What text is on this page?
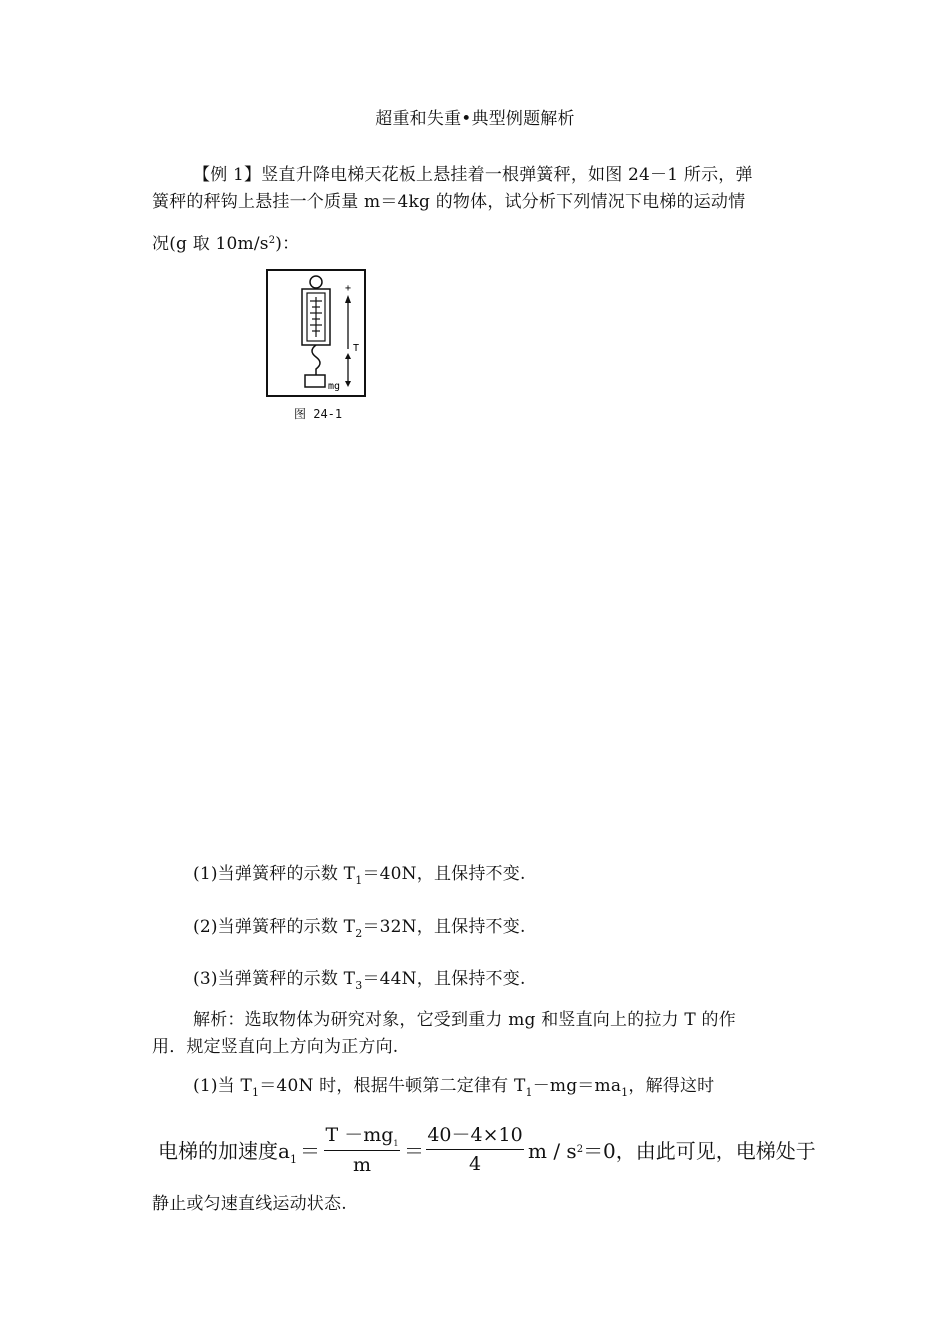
超重和失重•典型例题解析
【例 1】竖直升降电梯天花板上悬挂着一根弹簧秤，如图 24－1 所示，弹
簧秤的秤钩上悬挂一个质量 m＝4kg 的物体，试分析下列情况下电梯的运动情
况(g 取 $10m/s^2$)：
+
T
mg
图 24-1
(1)当弹簧秤的示数 $T_1=40N$，且保持不变.
(2)当弹簧秤的示数 $T_2=32N$，且保持不变.
(3)当弹簧秤的示数 $T_3=44N$，且保持不变.
解析：选取物体为研究对象，它受到重力 mg 和竖直向上的拉力 T 的作
用．规定竖直向上方向为正方向.
(1)当 $T_1=40N$ 时，根据牛顿第二定律有 $T_1-mg=ma_1$，解得这时
电梯的加速度$a_1$ ＝
$T -mg_1$
m
＝
40－4×10
4
$m / s^2=0$，由此可见，电梯处于
静止或匀速直线运动状态.
